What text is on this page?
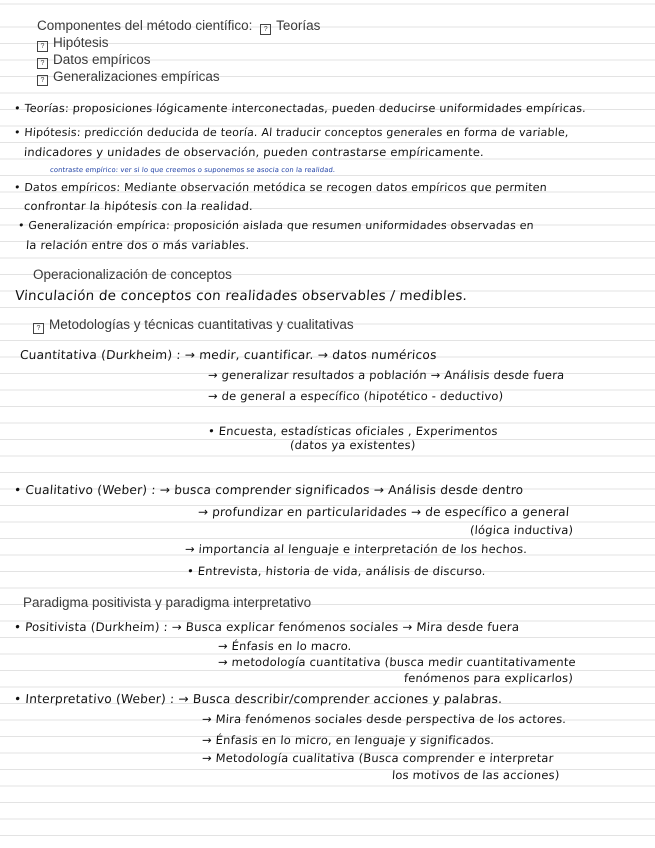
Componentes del método científico: ? Teorías
? Hipótesis
? Datos empíricos
? Generalizaciones empíricas
• Teorías: proposiciones lógicamente interconectadas, pueden deducirse uniformidades empíricas.
• Hipótesis: predicción deducida de teoría. Al traducir conceptos generales en forma de variable,
indicadores y unidades de observación, pueden contrastarse empíricamente.
contraste empírico: ver si lo que creemos o suponemos se asocia con la realidad.
• Datos empíricos: Mediante observación metódica se recogen datos empíricos que permiten
confrontar la hipótesis con la realidad.
• Generalización empírica: proposición aislada que resumen uniformidades observadas en
la relación entre dos o más variables.
Operacionalización de conceptos
Vinculación de conceptos con realidades observables / medibles.
? Metodologías y técnicas cuantitativas y cualitativas
Cuantitativa (Durkheim) : → medir, cuantificar. → datos numéricos
→ generalizar resultados a población → Análisis desde fuera
→ de general a específico (hipotético - deductivo)
• Encuesta, estadísticas oficiales , Experimentos
(datos ya existentes)
• Cualitativo (Weber) : → busca comprender significados → Análisis desde dentro
→ profundizar en particularidades → de específico a general
(lógica inductiva)
→ importancia al lenguaje e interpretación de los hechos.
• Entrevista, historia de vida, análisis de discurso.
Paradigma positivista y paradigma interpretativo
• Positivista (Durkheim) : → Busca explicar fenómenos sociales → Mira desde fuera
→ Énfasis en lo macro.
→ metodología cuantitativa (busca medir cuantitativamente
fenómenos para explicarlos)
• Interpretativo (Weber) : → Busca describir/comprender acciones y palabras.
→ Mira fenómenos sociales desde perspectiva de los actores.
→ Énfasis en lo micro, en lenguaje y significados.
→ Metodología cualitativa (Busca comprender e interpretar
los motivos de las acciones)
